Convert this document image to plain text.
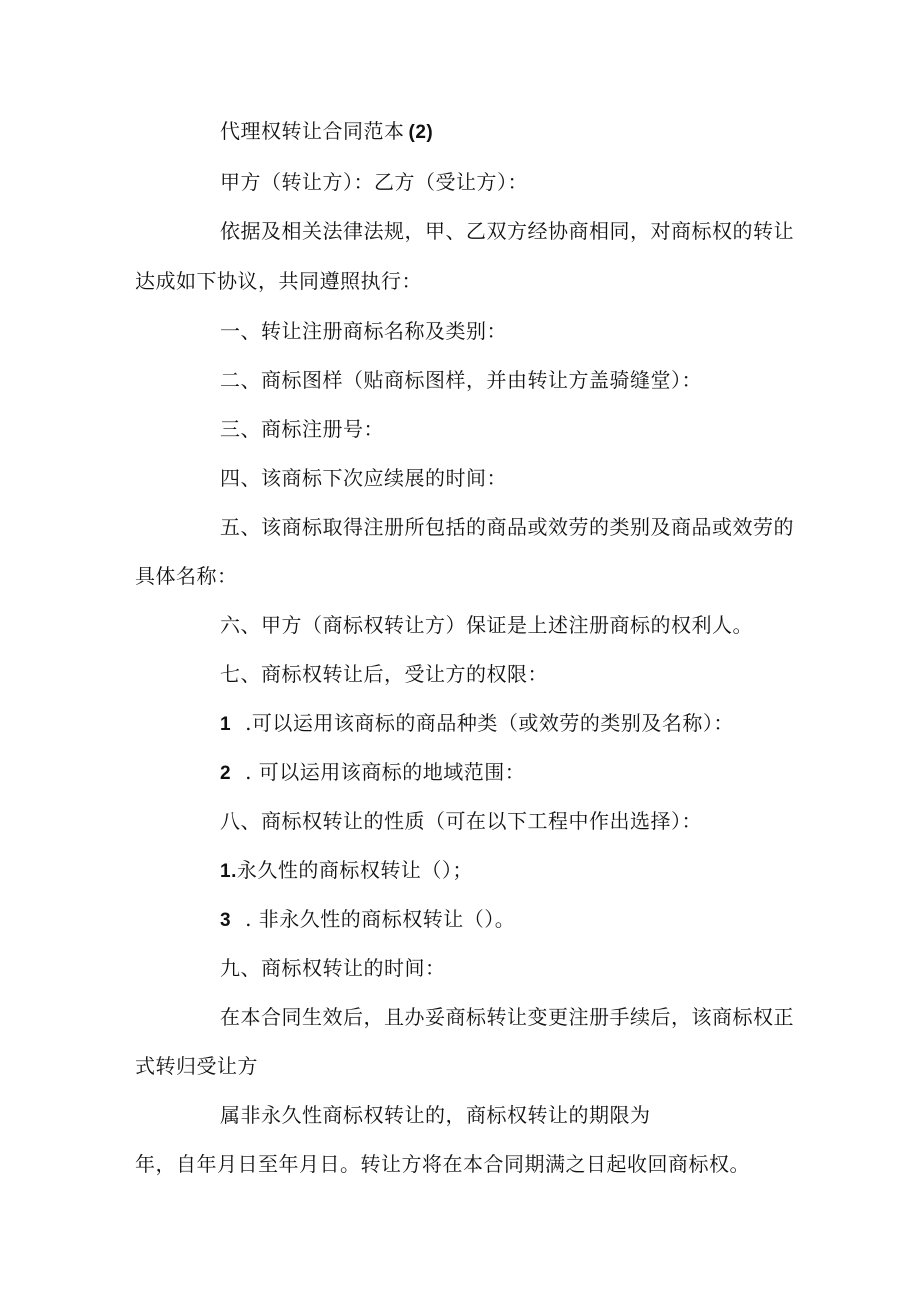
代理权转让合同范本 (2)
甲方（转让方）：乙方（受让方）：
依据及相关法律法规，甲、乙双方经协商相同，对商标权的转让
达成如下协议，共同遵照执行：
一、转让注册商标名称及类别：
二、商标图样（贴商标图样，并由转让方盖骑缝堂）：
三、商标注册号：
四、该商标下次应续展的时间：
五、该商标取得注册所包括的商品或效劳的类别及商品或效劳的
具体名称：
六、甲方（商标权转让方）保证是上述注册商标的权利人。
七、商标权转让后，受让方的权限：
1 .可以运用该商标的商品种类（或效劳的类别及名称）：
2 . 可以运用该商标的地域范围：
八、商标权转让的性质（可在以下工程中作出选择）：
1.永久性的商标权转让（）；
3 . 非永久性的商标权转让（）。
九、商标权转让的时间：
在本合同生效后，且办妥商标转让变更注册手续后，该商标权正
式转归受让方
属非永久性商标权转让的，商标权转让的期限为
年，自年月日至年月日。转让方将在本合同期满之日起收回商标权。
